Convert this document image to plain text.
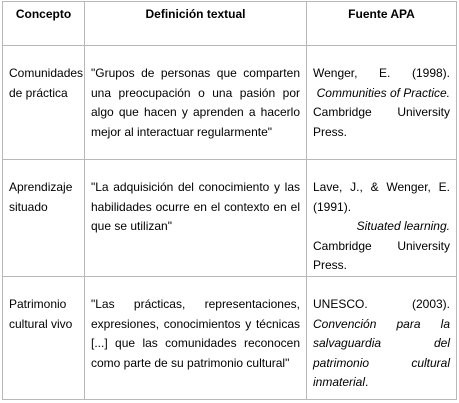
Concepto	Definición textual	Fuente APA
Comunidades de práctica	"Grupos de personas que comparten una preocupación o una pasión por algo que hacen y aprenden a hacerlo mejor al interactuar regularmente"	Wenger, E. (1998).
Communities of Practice.
Cambridge University Press.

Aprendizaje situado	"La adquisición del conocimiento y las habilidades ocurre en el contexto en el que se utilizan"	Lave, J., & Wenger, E. (1991).
Situated learning.
Cambridge University Press.

Patrimonio cultural vivo	"Las prácticas, representaciones, expresiones, conocimientos y técnicas [...] que las comunidades reconocen como parte de su patrimonio cultural"	UNESCO. (2003).
Convención para la salvaguardia del patrimonio cultural inmaterial.
